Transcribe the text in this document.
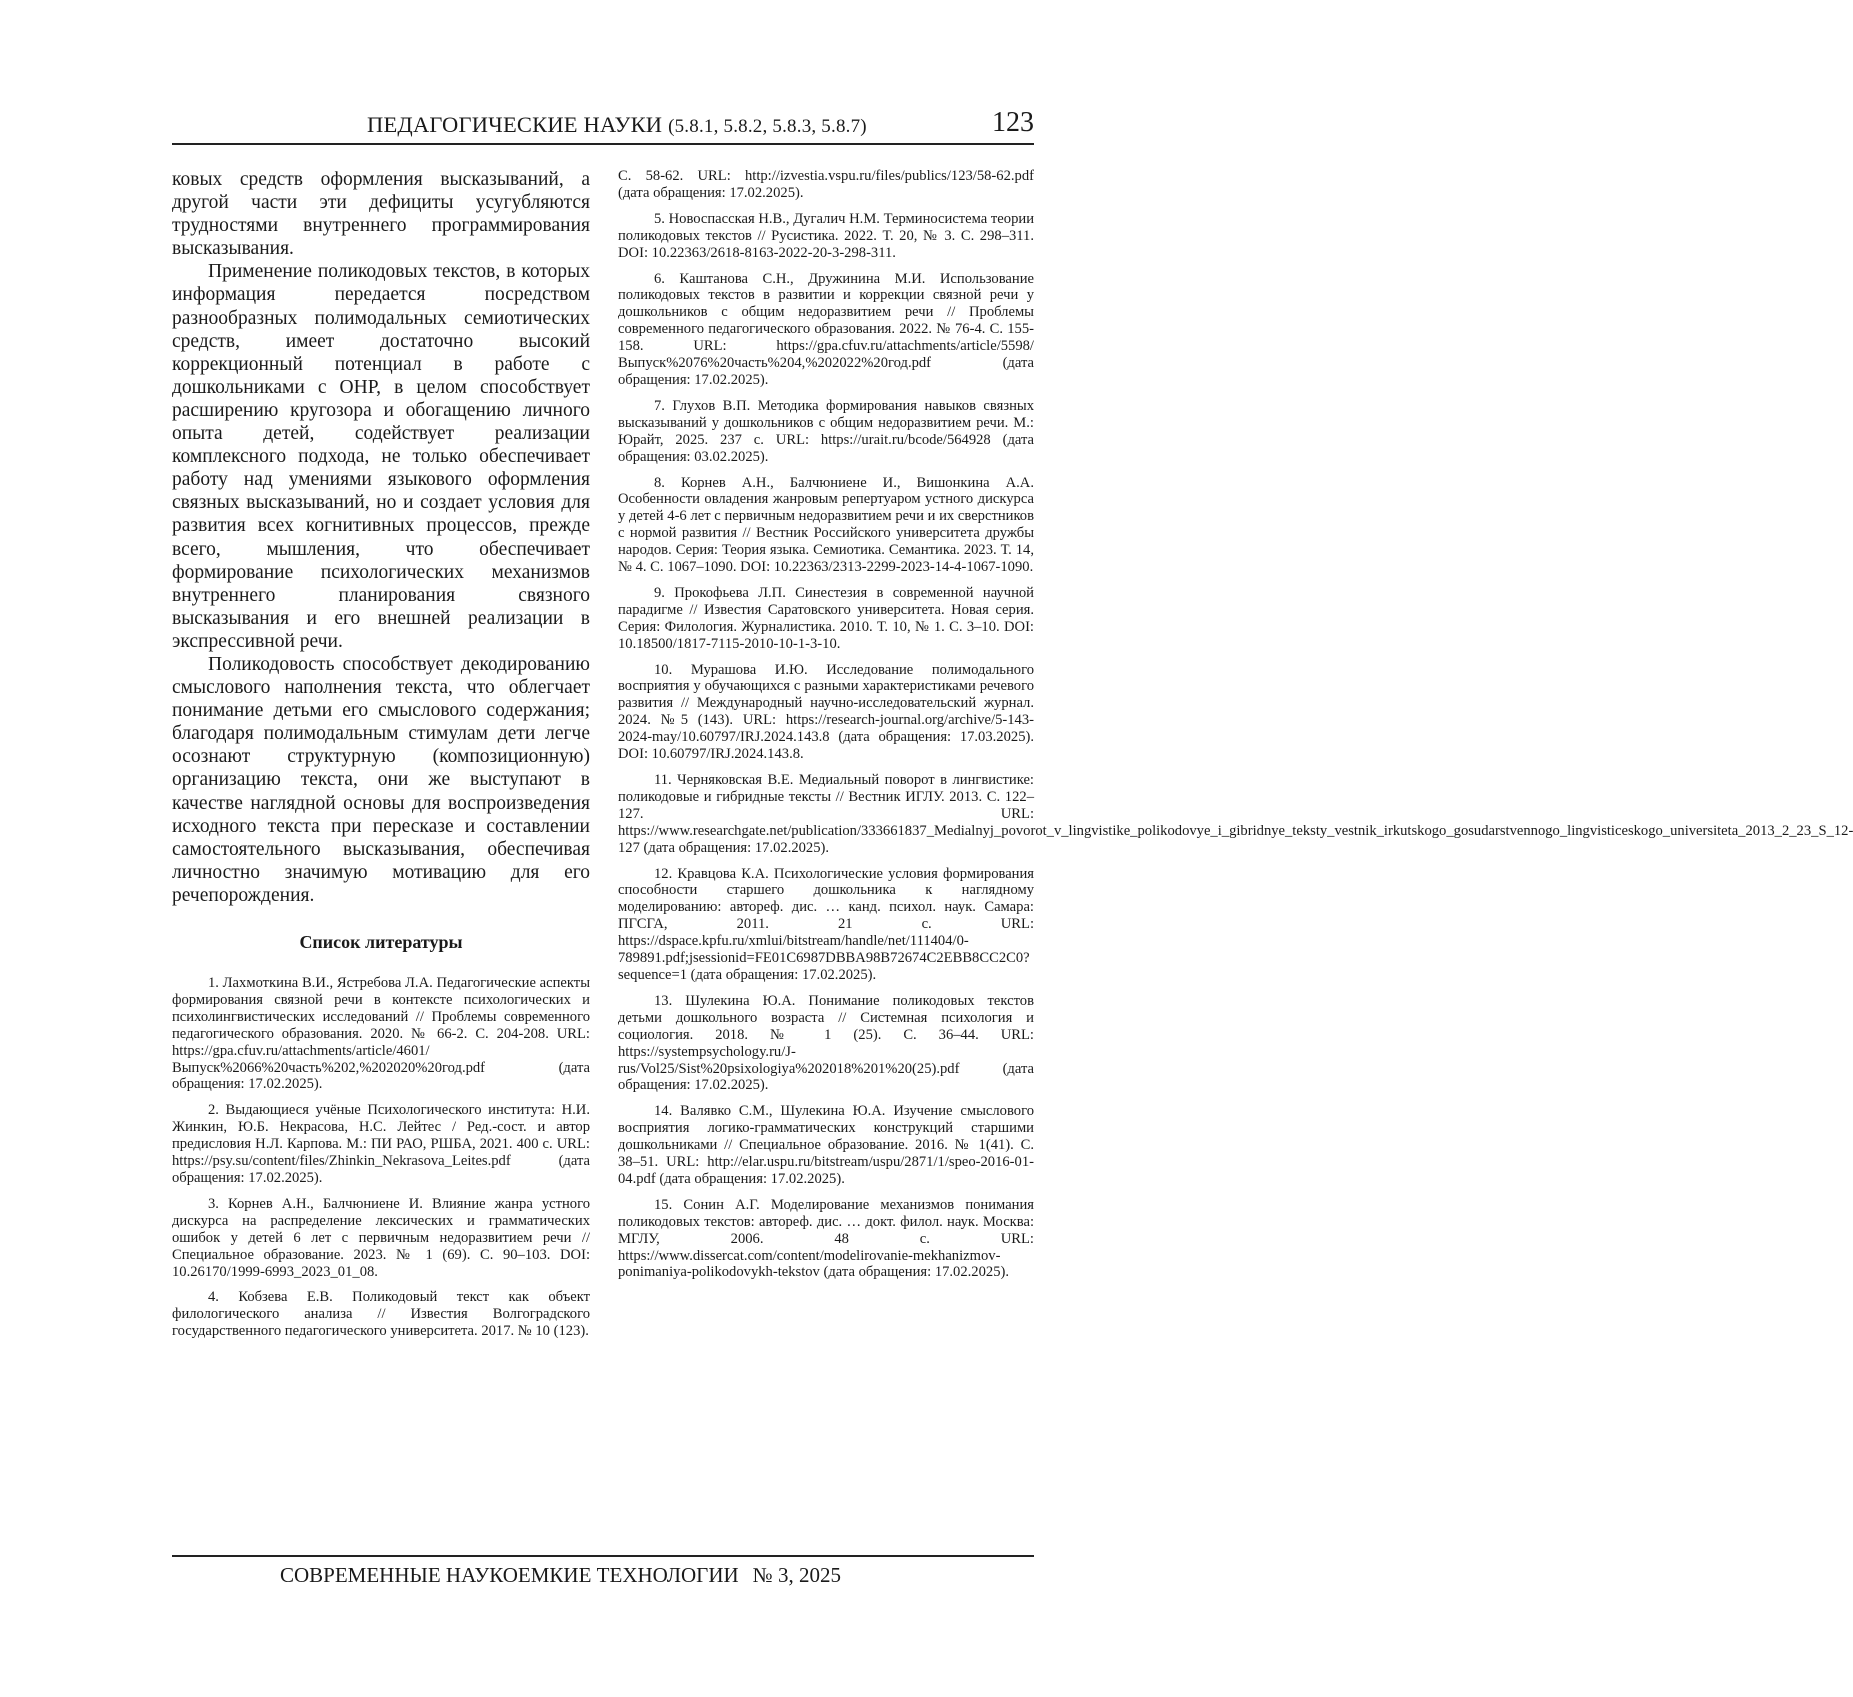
ПЕДАГОГИЧЕСКИЕ НАУКИ (5.8.1, 5.8.2, 5.8.3, 5.8.7)	123

ковых средств оформления высказываний, а другой части эти дефициты усугубляются трудностями внутреннего программирования высказывания.

Применение поликодовых текстов, в которых информация передается посредством разнообразных полимодальных семиотических средств, имеет достаточно высокий коррекционный потенциал в работе с дошкольниками с ОНР, в целом способствует расширению кругозора и обогащению личного опыта детей, содействует реализации комплексного подхода, не только обеспечивает работу над умениями языкового оформления связных высказываний, но и создает условия для развития всех когнитивных процессов, прежде всего, мышления, что обеспечивает формирование психологических механизмов внутреннего планирования связного высказывания и его внешней реализации в экспрессивной речи.

Поликодовость способствует декодированию смыслового наполнения текста, что облегчает понимание детьми его смыслового содержания; благодаря полимодальным стимулам дети легче осознают структурную (композиционную) организацию текста, они же выступают в качестве наглядной основы для воспроизведения исходного текста при пересказе и составлении самостоятельного высказывания, обеспечивая личностно значимую мотивацию для его речепорождения.

Список литературы

1. Лахмоткина В.И., Ястребова Л.А. Педагогические аспекты формирования связной речи в контексте психологических и психолингвистических исследований // Проблемы современного педагогического образования. 2020. № 66-2. С. 204-208. URL: https://gpa.cfuv.ru/attachments/article/4601/Выпуск%2066%20часть%202,%202020%20год.pdf (дата обращения: 17.02.2025).

2. Выдающиеся учёные Психологического института: Н.И. Жинкин, Ю.Б. Некрасова, Н.С. Лейтес / Ред.-сост. и автор предисловия Н.Л. Карпова. М.: ПИ РАО, РШБА, 2021. 400 с. URL: https://psy.su/content/files/Zhinkin_Nekrasova_Leites.pdf (дата обращения: 17.02.2025).

3. Корнев А.Н., Балчюниене И. Влияние жанра устного дискурса на распределение лексических и грамматических ошибок у детей 6 лет с первичным недоразвитием речи // Специальное образование. 2023. № 1 (69). С. 90–103. DOI: 10.26170/1999-6993_2023_01_08.

4. Кобзева Е.В. Поликодовый текст как объект филологического анализа // Известия Волгоградского государственного педагогического университета. 2017. № 10 (123).

С. 58-62. URL: http://izvestia.vspu.ru/files/publics/123/58-62.pdf (дата обращения: 17.02.2025).

5. Новоспасская Н.В., Дугалич Н.М. Терминосистема теории поликодовых текстов // Русистика. 2022. Т. 20, № 3. С. 298–311. DOI: 10.22363/2618-8163-2022-20-3-298-311.

6. Каштанова С.Н., Дружинина М.И. Использование поликодовых текстов в развитии и коррекции связной речи у дошкольников с общим недоразвитием речи // Проблемы современного педагогического образования. 2022. № 76-4. С. 155-158. URL: https://gpa.cfuv.ru/attachments/article/5598/Выпуск%2076%20часть%204,%202022%20год.pdf (дата обращения: 17.02.2025).

7. Глухов В.П. Методика формирования навыков связных высказываний у дошкольников с общим недоразвитием речи. М.: Юрайт, 2025. 237 с. URL: https://urait.ru/bcode/564928 (дата обращения: 03.02.2025).

8. Корнев А.Н., Балчюниене И., Вишонкина А.А. Особенности овладения жанровым репертуаром устного дискурса у детей 4-6 лет с первичным недоразвитием речи и их сверстников с нормой развития // Вестник Российского университета дружбы народов. Серия: Теория языка. Семиотика. Семантика. 2023. Т. 14, № 4. С. 1067–1090. DOI: 10.22363/2313-2299-2023-14-4-1067-1090.

9. Прокофьева Л.П. Синестезия в современной научной парадигме // Известия Саратовского университета. Новая серия. Серия: Филология. Журналистика. 2010. Т. 10, № 1. С. 3–10. DOI: 10.18500/1817-7115-2010-10-1-3-10.

10. Мурашова И.Ю. Исследование полимодального восприятия у обучающихся с разными характеристиками речевого развития // Международный научно-исследовательский журнал. 2024. №5 (143). URL: https://research-journal.org/archive/5-143-2024-may/10.60797/IRJ.2024.143.8 (дата обращения: 17.03.2025). DOI: 10.60797/IRJ.2024.143.8.

11. Черняковская В.Е. Медиальный поворот в лингвистике: поликодовые и гибридные тексты // Вестник ИГЛУ. 2013. С. 122–127. URL: https://www.researchgate.net/publication/333661837_Medialnyj_povorot_v_lingvistike_polikodovye_i_gibridnye_teksty_vestnik_irkutskogo_gosudarstvennogo_lingvisticeskogo_universiteta_2013_2_23_S_12-127 (дата обращения: 17.02.2025).

12. Кравцова К.А. Психологические условия формирования способности старшего дошкольника к наглядному моделированию: автореф. дис. … канд. психол. наук. Самара: ПГСГА, 2011. 21 с. URL: https://dspace.kpfu.ru/xmlui/bitstream/handle/net/111404/0-789891.pdf;jsessionid=FE01C6987DBBA98B72674C2EBB8CC2C0?sequence=1 (дата обращения: 17.02.2025).

13. Шулекина Ю.А. Понимание поликодовых текстов детьми дошкольного возраста // Системная психология и социология. 2018. № 1 (25). С. 36–44. URL: https://systempsychology.ru/J-rus/Vol25/Sist%20psixologiya%202018%201%20(25).pdf (дата обращения: 17.02.2025).

14. Валявко С.М., Шулекина Ю.А. Изучение смыслового восприятия логико-грамматических конструкций старшими дошкольниками // Специальное образование. 2016. № 1(41). С. 38–51. URL: http://elar.uspu.ru/bitstream/uspu/2871/1/speo-2016-01-04.pdf (дата обращения: 17.02.2025).

15. Сонин А.Г. Моделирование механизмов понимания поликодовых текстов: автореф. дис. … докт. филол. наук. Москва: МГЛУ, 2006. 48 с. URL: https://www.dissercat.com/content/modelirovanie-mekhanizmov-ponimaniya-polikodovykh-tekstov (дата обращения: 17.02.2025).

СОВРЕМЕННЫЕ НАУКОЕМКИЕ ТЕХНОЛОГИИ № 3, 2025
